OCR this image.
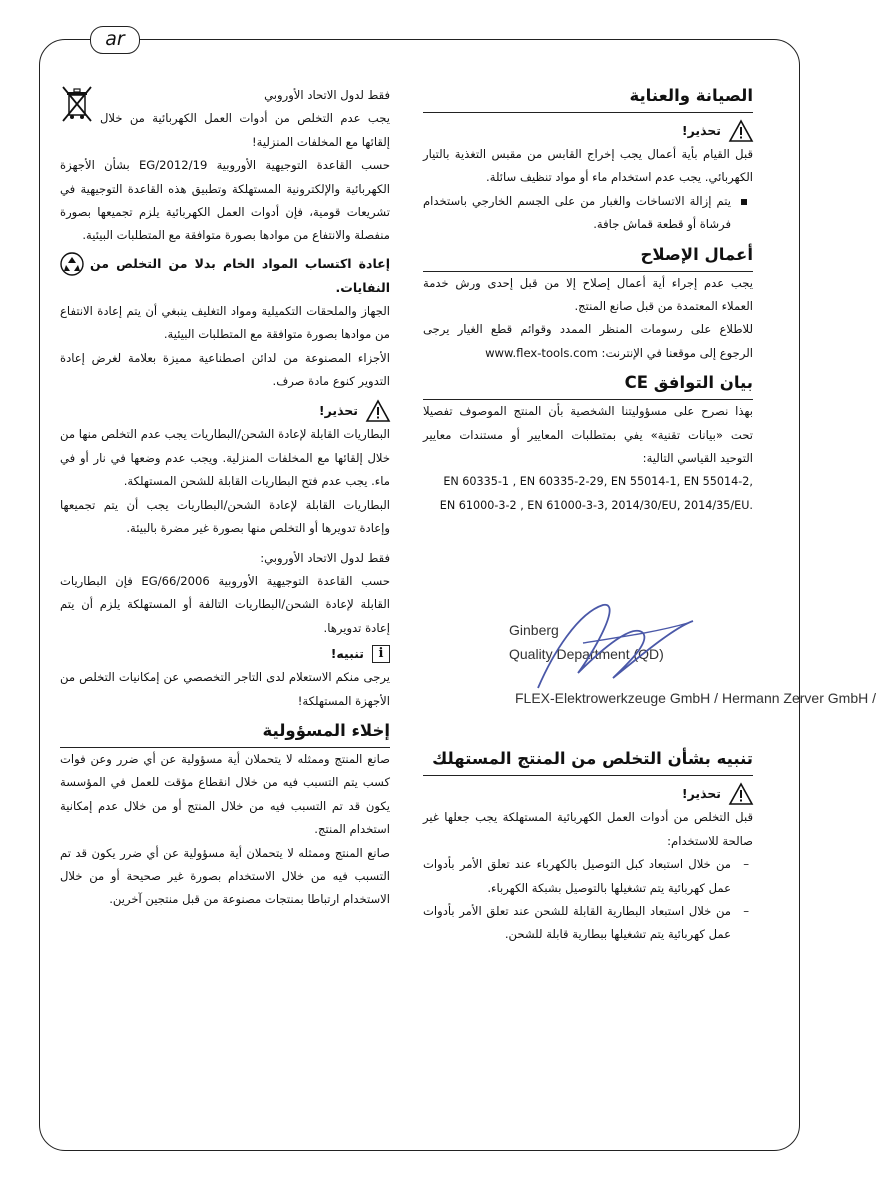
ar
الصيانة والعناية
تحذير!

قبل القيام بأية أعمال يجب إخراج القابس من مقبس التغذية بالتيار الكهربائي. يجب عدم استخدام ماء أو مواد تنظيف سائلة.

يتم إزالة الاتساخات والغبار من على الجسم الخارجي باستخدام فرشاة أو قطعة قماش جافة.
أعمال الإصلاح

يجب عدم إجراء أية أعمال إصلاح إلا من قبل إحدى ورش خدمة العملاء المعتمدة من قبل صانع المنتج.

للاطلاع على رسومات المنظر الممدد وقوائم قطع الغيار يرجى الرجوع إلى موقعنا في الإنترنت: www.flex-tools.com

بيان التوافق CE

بهذا نصرح على مسؤوليتنا الشخصية بأن المنتج الموصوف تفصيلا تحت «بيانات تقنية» يفي بمتطلبات المعايير أو مستندات معايير التوحيد القياسي التالية:

EN 60335-1 , EN 60335-2-29, EN 55014-1, EN 55014-2,

EN 61000-3-2 , EN 61000-3-3, 2014/30/EU, 2014/35/EU.

Ginberg
Quality Department (QD)
FLEX-Elektrowerkzeuge GmbH / Hermann Zerver GmbH /
تنبيه بشأن التخلص من المنتج المستهلك
تحذير!

قبل التخلص من أدوات العمل الكهربائية المستهلكة يجب جعلها غير صالحة للاستخدام:

– من خلال استبعاد كبل التوصيل بالكهرباء عند تعلق الأمر بأدوات عمل كهربائية يتم تشغيلها بالتوصيل بشبكة الكهرباء.
– من خلال استبعاد البطارية القابلة للشحن عند تعلق الأمر بأدوات عمل كهربائية يتم تشغيلها ببطارية قابلة للشحن.

فقط لدول الاتحاد الأوروبي

يجب عدم التخلص من أدوات العمل الكهربائية من خلال إلقائها مع المخلفات المنزلية!

حسب القاعدة التوجيهية الأوروبية 2012/19/EG بشأن الأجهزة الكهربائية والإلكترونية المستهلكة وتطبيق هذه القاعدة التوجيهية في تشريعات قومية، فإن أدوات العمل الكهربائية يلزم تجميعها بصورة منفصلة والانتفاع من موادها بصورة متوافقة مع المتطلبات البيئية.

إعادة اكتساب المواد الخام بدلا من التخلص من النفايات.

الجهاز والملحقات التكميلية ومواد التغليف ينبغي أن يتم إعادة الانتفاع من موادها بصورة متوافقة مع المتطلبات البيئية.

الأجزاء المصنوعة من لدائن اصطناعية مميزة بعلامة لغرض إعادة التدوير كنوع مادة صرف.

تحذير!

البطاريات القابلة لإعادة الشحن/البطاريات يجب عدم التخلص منها من خلال إلقائها مع المخلفات المنزلية. ويجب عدم وضعها في نار أو في ماء. يجب عدم فتح البطاريات القابلة للشحن المستهلكة.

البطاريات القابلة لإعادة الشحن/البطاريات يجب أن يتم تجميعها وإعادة تدويرها أو التخلص منها بصورة غير مضرة بالبيئة.

فقط لدول الاتحاد الأوروبي:

حسب القاعدة التوجيهية الأوروبية EG/66/2006 فإن البطاريات القابلة لإعادة الشحن/البطاريات التالفة أو المستهلكة يلزم أن يتم إعادة تدويرها.

i
تنبيه!

يرجى منكم الاستعلام لدى التاجر التخصصي عن إمكانيات التخلص من الأجهزة المستهلكة!

إخلاء المسؤولية

صانع المنتج وممثله لا يتحملان أية مسؤولية عن أي ضرر وعن فوات كسب يتم التسبب فيه من خلال انقطاع مؤقت للعمل في المؤسسة يكون قد تم التسبب فيه من خلال المنتج أو من خلال عدم إمكانية استخدام المنتج.

صانع المنتج وممثله لا يتحملان أية مسؤولية عن أي ضرر يكون قد تم التسبب فيه من خلال الاستخدام بصورة غير صحيحة أو من خلال الاستخدام ارتباطا بمنتجات مصنوعة من قبل منتجين آخرين.
